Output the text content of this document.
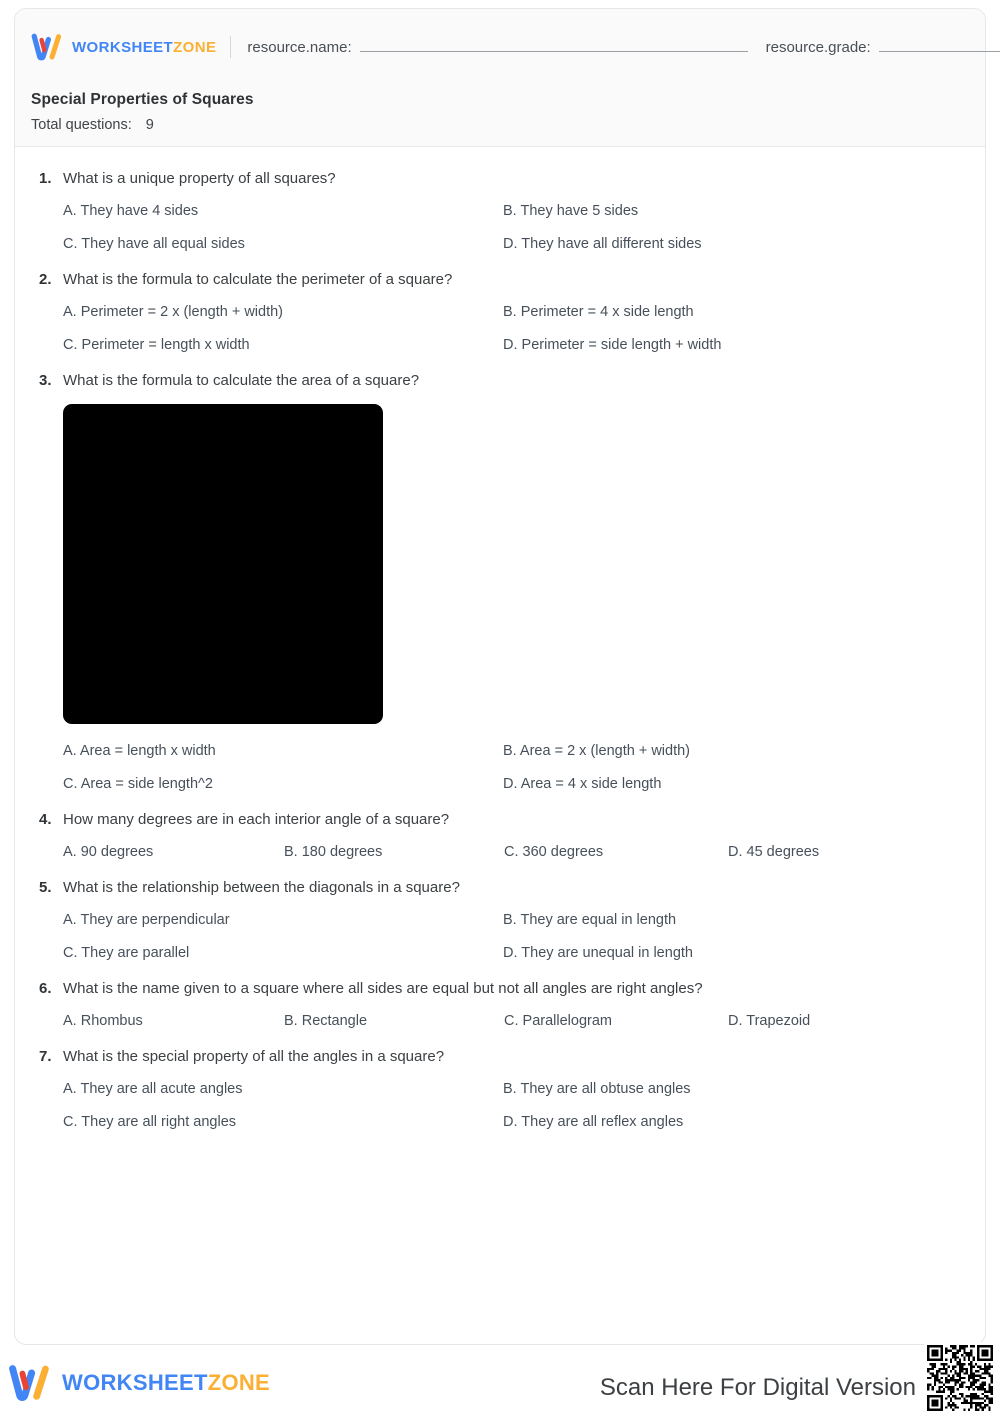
WORKSHEETZONE resource.name:	resource.grade:
Special Properties of Squares
Total questions: 9
1. What is a unique property of all squares?
A. They have 4 sides	B. They have 5 sides
C. They have all equal sides	D. They have all different sides
2. What is the formula to calculate the perimeter of a square?
A. Perimeter = 2 x (length + width)	B. Perimeter = 4 x side length
C. Perimeter = length x width	D. Perimeter = side length + width
3. What is the formula to calculate the area of a square?
A. Area = length x width	B. Area = 2 x (length + width)
C. Area = side length^2	D. Area = 4 x side length
4. How many degrees are in each interior angle of a square?
A. 90 degrees	B. 180 degrees	C. 360 degrees	D. 45 degrees
5. What is the relationship between the diagonals in a square?
A. They are perpendicular	B. They are equal in length
C. They are parallel	D. They are unequal in length
6. What is the name given to a square where all sides are equal but not all angles are right angles?
A. Rhombus	B. Rectangle	C. Parallelogram	D. Trapezoid
7. What is the special property of all the angles in a square?
A. They are all acute angles	B. They are all obtuse angles
C. They are all right angles	D. They are all reflex angles
WORKSHEETZONE	Scan Here For Digital Version
